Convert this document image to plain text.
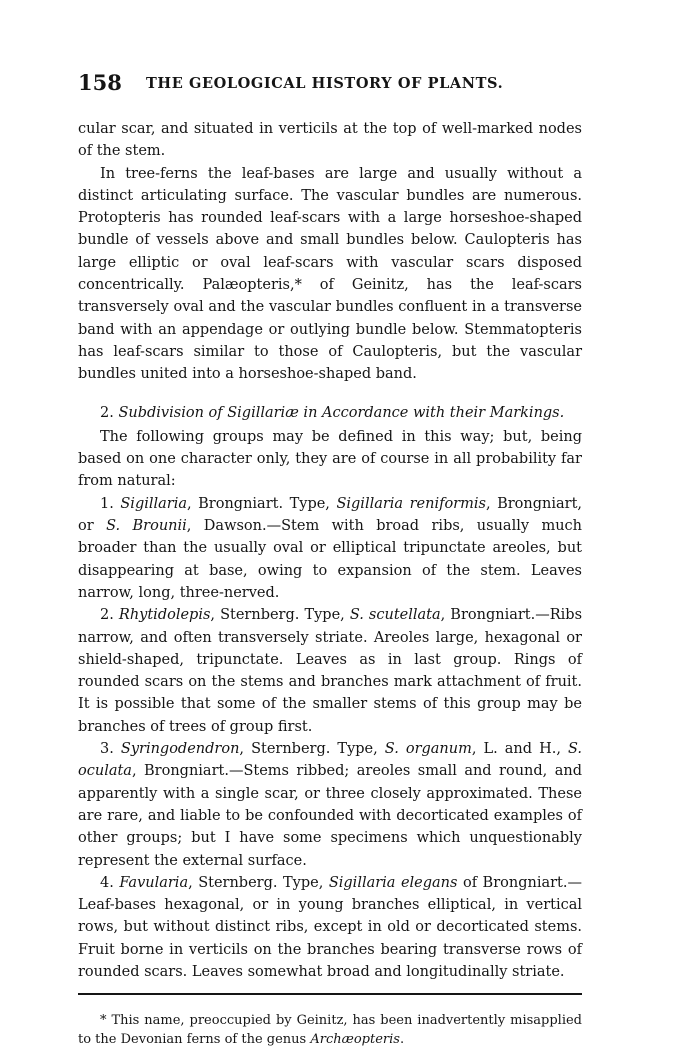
158 THE GEOLOGICAL HISTORY OF PLANTS.

cular scar, and situated in verticils at the top of well-marked nodes of the stem.

In tree-ferns the leaf-bases are large and usually without a distinct articulating surface. The vascular bundles are numerous. Protopteris has rounded leaf-scars with a large horseshoe-shaped bundle of vessels above and small bundles below. Caulopteris has large elliptic or oval leaf-scars with vascular scars disposed concentrically. Palæopteris,* of Geinitz, has the leaf-scars transversely oval and the vascular bundles confluent in a transverse band with an appendage or outlying bundle below. Stemmatopteris has leaf-scars similar to those of Caulopteris, but the vascular bundles united into a horseshoe-shaped band.

2. Subdivision of Sigillariæ in Accordance with their Markings.

The following groups may be defined in this way; but, being based on one character only, they are of course in all probability far from natural:

1. Sigillaria, Brongniart. Type, Sigillaria reniformis, Brongniart, or S. Brounii, Dawson.—Stem with broad ribs, usually much broader than the usually oval or elliptical tripunctate areoles, but disappearing at base, owing to expansion of the stem. Leaves narrow, long, three-nerved.

2. Rhytidolepis, Sternberg. Type, S. scutellata, Brongniart.—Ribs narrow, and often transversely striate. Areoles large, hexagonal or shield-shaped, tripunctate. Leaves as in last group. Rings of rounded scars on the stems and branches mark attachment of fruit. It is possible that some of the smaller stems of this group may be branches of trees of group first.

3. Syringodendron, Sternberg. Type, S. organum, L. and H., S. oculata, Brongniart.—Stems ribbed; areoles small and round, and apparently with a single scar, or three closely approximated. These are rare, and liable to be confounded with decorticated examples of other groups; but I have some specimens which unquestionably represent the external surface.

4. Favularia, Sternberg. Type, Sigillaria elegans of Brongniart.—Leaf-bases hexagonal, or in young branches elliptical, in vertical rows, but without distinct ribs, except in old or decorticated stems. Fruit borne in verticils on the branches bearing transverse rows of rounded scars. Leaves somewhat broad and longitudinally striate.

* This name, preoccupied by Geinitz, has been inadvertently misapplied to the Devonian ferns of the genus Archæopteris.
